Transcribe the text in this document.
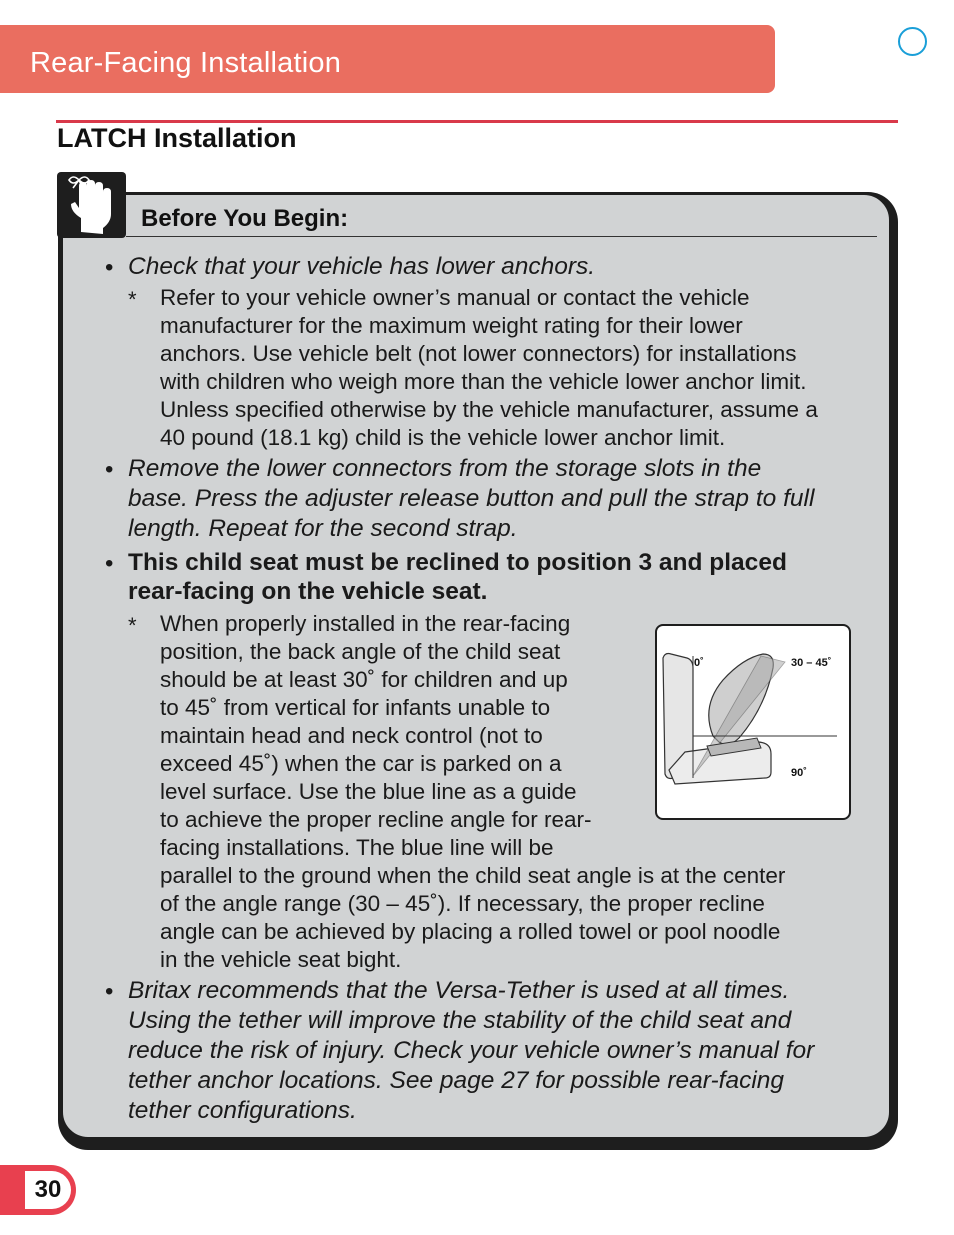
Rear-Facing Installation
LATCH Installation
Before You Begin:
• Check that your vehicle has lower anchors.
* Refer to your vehicle owner’s manual or contact the vehicle
manufacturer for the maximum weight rating for their lower
anchors. Use vehicle belt (not lower connectors) for installations
with children who weigh more than the vehicle lower anchor limit.
Unless specified otherwise by the vehicle manufacturer, assume a
40 pound (18.1 kg) child is the vehicle lower anchor limit.
• Remove the lower connectors from the storage slots in the
base. Press the adjuster release button and pull the strap to full
length. Repeat for the second strap.
• This child seat must be reclined to position 3 and placed
rear-facing on the vehicle seat.
* When properly installed in the rear-facing
position, the back angle of the child seat
should be at least 30˚ for children and up
to 45˚ from vertical for infants unable to
maintain head and neck control (not to
exceed 45˚) when the car is parked on a
level surface. Use the blue line as a guide
to achieve the proper recline angle for rear-
facing installations. The blue line will be
parallel to the ground when the child seat angle is at the center
of the angle range (30 – 45˚). If necessary, the proper recline
angle can be achieved by placing a rolled towel or pool noodle
in the vehicle seat bight.
0˚	30 – 45˚
90˚
• Britax recommends that the Versa-Tether is used at all times.
Using the tether will improve the stability of the child seat and
reduce the risk of injury. Check your vehicle owner’s manual for
tether anchor locations. See page 27 for possible rear-facing
tether configurations.
30
